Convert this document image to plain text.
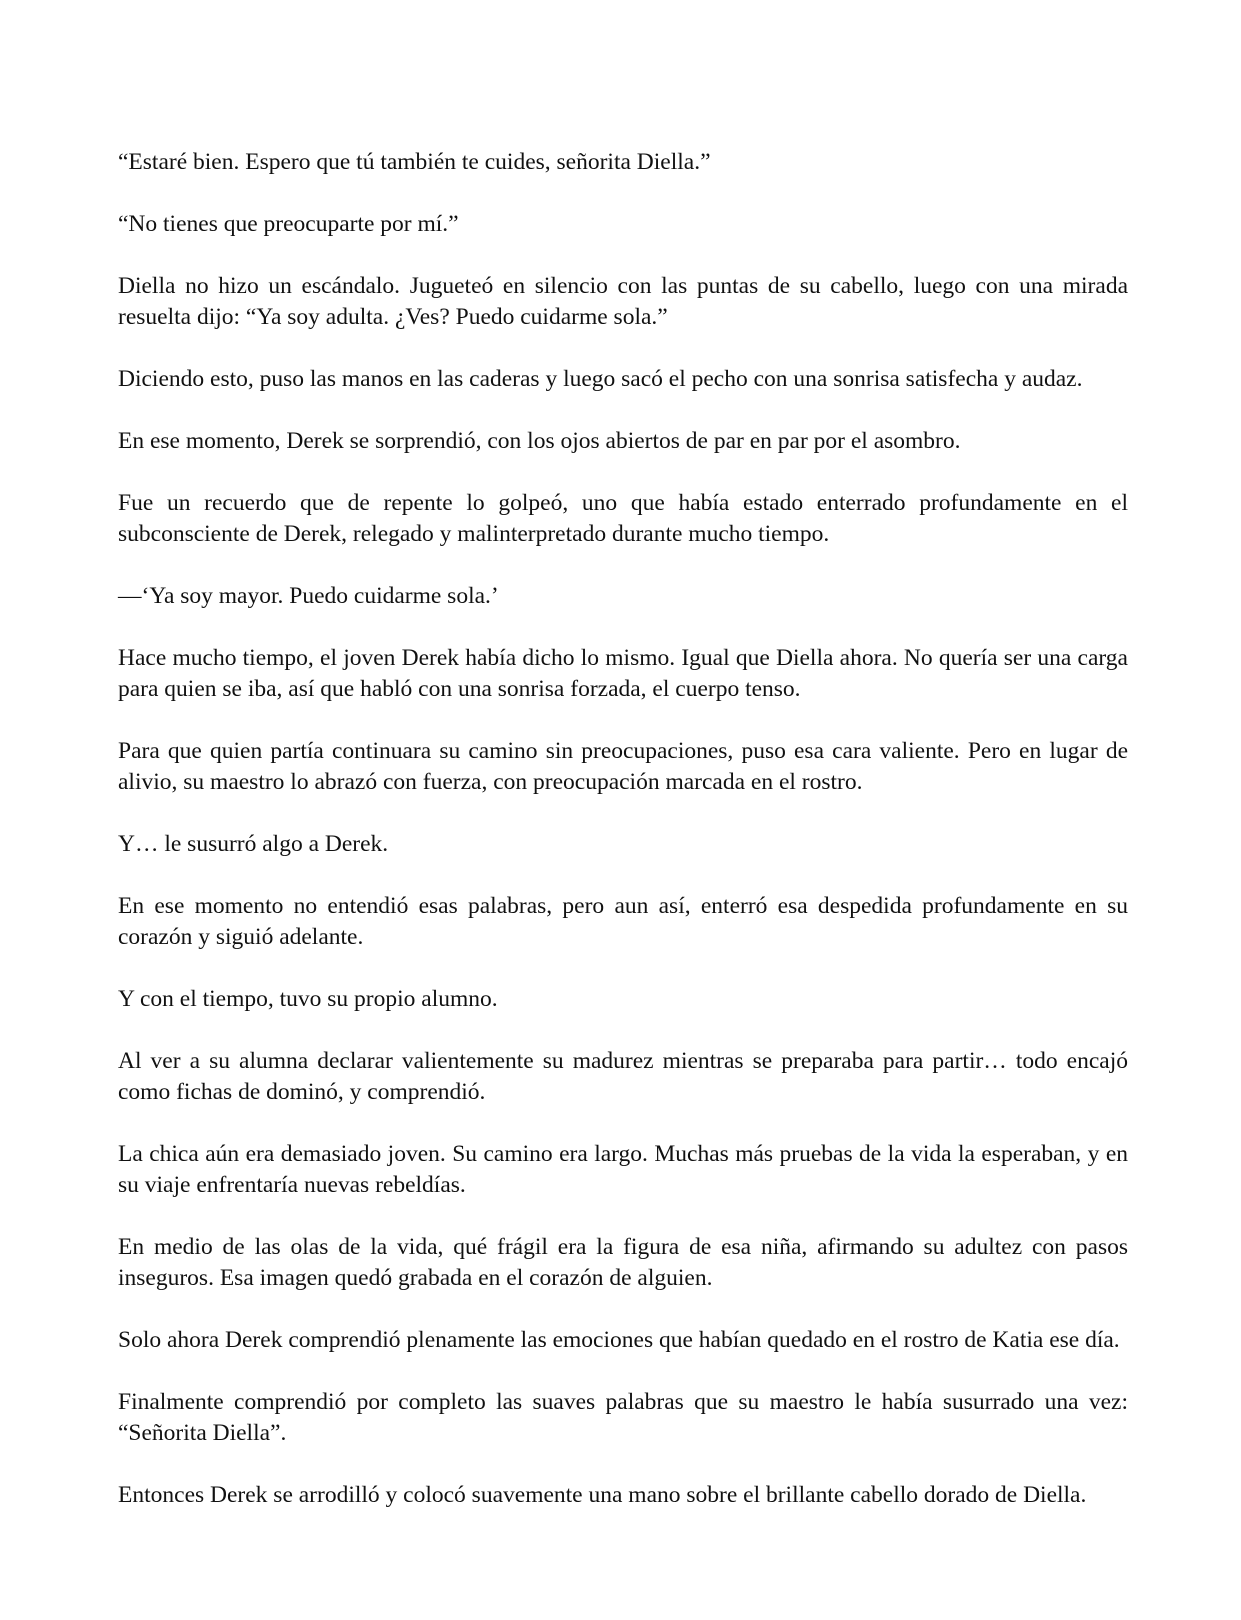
“Estaré bien. Espero que tú también te cuides, señorita Diella.”

“No tienes que preocuparte por mí.”

Diella no hizo un escándalo. Jugueteó en silencio con las puntas de su cabello, luego con una mirada resuelta dijo: “Ya soy adulta. ¿Ves? Puedo cuidarme sola.”

Diciendo esto, puso las manos en las caderas y luego sacó el pecho con una sonrisa satisfecha y audaz.

En ese momento, Derek se sorprendió, con los ojos abiertos de par en par por el asombro.

Fue un recuerdo que de repente lo golpeó, uno que había estado enterrado profundamente en el subconsciente de Derek, relegado y malinterpretado durante mucho tiempo.

—‘Ya soy mayor. Puedo cuidarme sola.’

Hace mucho tiempo, el joven Derek había dicho lo mismo. Igual que Diella ahora. No quería ser una carga para quien se iba, así que habló con una sonrisa forzada, el cuerpo tenso.

Para que quien partía continuara su camino sin preocupaciones, puso esa cara valiente. Pero en lugar de alivio, su maestro lo abrazó con fuerza, con preocupación marcada en el rostro.

Y… le susurró algo a Derek.

En ese momento no entendió esas palabras, pero aun así, enterró esa despedida profundamente en su corazón y siguió adelante.

Y con el tiempo, tuvo su propio alumno.

Al ver a su alumna declarar valientemente su madurez mientras se preparaba para partir… todo encajó como fichas de dominó, y comprendió.

La chica aún era demasiado joven. Su camino era largo. Muchas más pruebas de la vida la esperaban, y en su viaje enfrentaría nuevas rebeldías.

En medio de las olas de la vida, qué frágil era la figura de esa niña, afirmando su adultez con pasos inseguros. Esa imagen quedó grabada en el corazón de alguien.

Solo ahora Derek comprendió plenamente las emociones que habían quedado en el rostro de Katia ese día.

Finalmente comprendió por completo las suaves palabras que su maestro le había susurrado una vez: “Señorita Diella”.

Entonces Derek se arrodilló y colocó suavemente una mano sobre el brillante cabello dorado de Diella.
